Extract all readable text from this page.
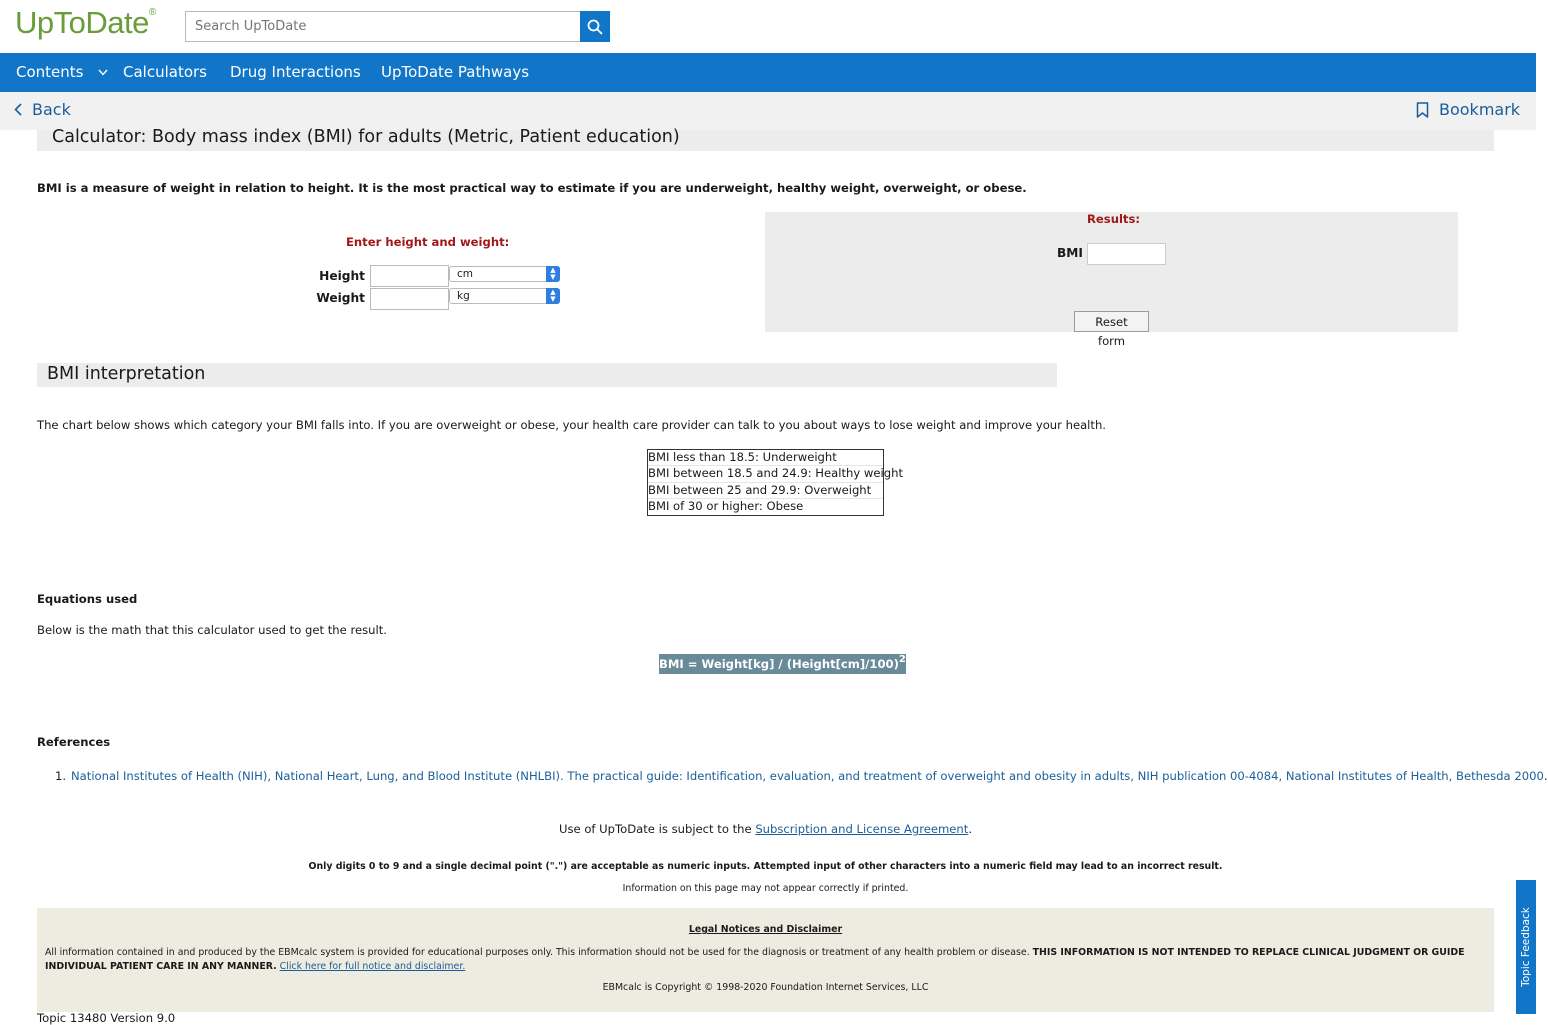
UpToDate®
Search UpToDate
Contents	Calculators Drug Interactions UpToDate Pathways
Back	Bookmark
Calculator: Body mass index (BMI) for adults (Metric, Patient education)
BMI is a measure of weight in relation to height. It is the most practical way to estimate if you are underweight, healthy weight, overweight, or obese.
Enter height and weight:
Height	cm	▲
▼
Weight	kg	▲
▼
Results:
BMI
Reset form
BMI interpretation
The chart below shows which category your BMI falls into. If you are overweight or obese, your health care provider can talk to you about ways to lose weight and improve your health.
BMI less than 18.5: Underweight
BMI between 18.5 and 24.9: Healthy weight
BMI between 25 and 29.9: Overweight
BMI of 30 or higher: Obese
Equations used
Below is the math that this calculator used to get the result.
BMI = Weight[kg] / (Height[cm]/100)$^2$
References
1. National Institutes of Health (NIH), National Heart, Lung, and Blood Institute (NHLBI). The practical guide: Identification, evaluation, and treatment of overweight and obesity in adults, NIH publication 00-4084, National Institutes of Health, Bethesda 2000.
Use of UpToDate is subject to the Subscription and License Agreement.
Only digits 0 to 9 and a single decimal point (".") are acceptable as numeric inputs. Attempted input of other characters into a numeric field may lead to an incorrect result.
Information on this page may not appear correctly if printed.
Legal Notices and Disclaimer
All information contained in and produced by the EBMcalc system is provided for educational purposes only. This information should not be used for the diagnosis or treatment of any health problem or disease. THIS INFORMATION IS NOT INTENDED TO REPLACE CLINICAL JUDGMENT OR GUIDE INDIVIDUAL PATIENT CARE IN ANY MANNER. Click here for full notice and disclaimer.
EBMcalc is Copyright © 1998-2020 Foundation Internet Services, LLC
Topic 13480 Version 9.0
Topic Feedback
